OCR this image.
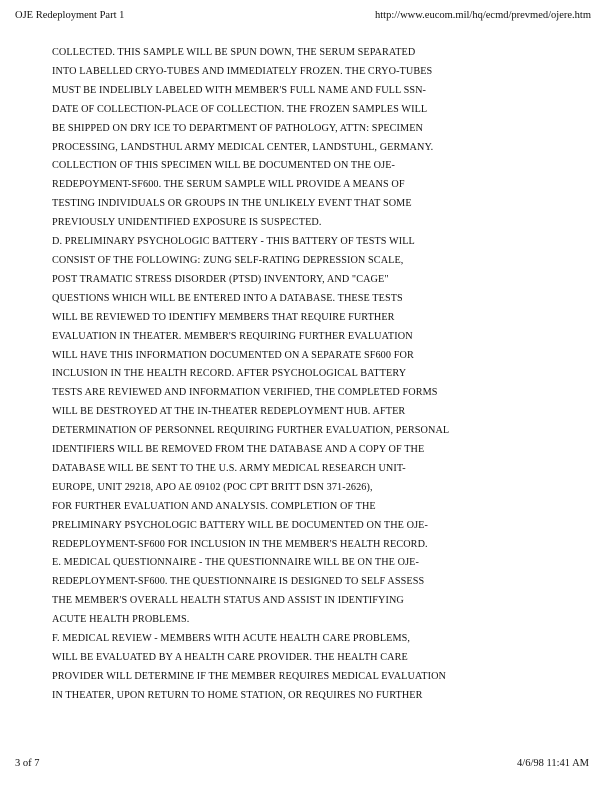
OJE Redeployment Part 1	http://www.eucom.mil/hq/ecmd/prevmed/ojere.htm
COLLECTED. THIS SAMPLE WILL BE SPUN DOWN, THE SERUM SEPARATED
INTO LABELLED CRYO-TUBES AND IMMEDIATELY FROZEN. THE CRYO-TUBES
MUST BE INDELIBLY LABELED WITH MEMBER'S FULL NAME AND FULL SSN-
DATE OF COLLECTION-PLACE OF COLLECTION. THE FROZEN SAMPLES WILL
BE SHIPPED ON DRY ICE TO DEPARTMENT OF PATHOLOGY, ATTN: SPECIMEN
PROCESSING, LANDSTHUL ARMY MEDICAL CENTER, LANDSTUHL, GERMANY.
COLLECTION OF THIS SPECIMEN WILL BE DOCUMENTED ON THE OJE-
REDEPOYMENT-SF600. THE SERUM SAMPLE WILL PROVIDE A MEANS OF
TESTING INDIVIDUALS OR GROUPS IN THE UNLIKELY EVENT THAT SOME
PREVIOUSLY UNIDENTIFIED EXPOSURE IS SUSPECTED.
D. PRELIMINARY PSYCHOLOGIC BATTERY - THIS BATTERY OF TESTS WILL
CONSIST OF THE FOLLOWING: ZUNG SELF-RATING DEPRESSION SCALE,
POST TRAMATIC STRESS DISORDER (PTSD) INVENTORY, AND "CAGE"
QUESTIONS WHICH WILL BE ENTERED INTO A DATABASE. THESE TESTS
WILL BE REVIEWED TO IDENTIFY MEMBERS THAT REQUIRE FURTHER
EVALUATION IN THEATER. MEMBER'S REQUIRING FURTHER EVALUATION
WILL HAVE THIS INFORMATION DOCUMENTED ON A SEPARATE SF600 FOR
INCLUSION IN THE HEALTH RECORD. AFTER PSYCHOLOGICAL BATTERY
TESTS ARE REVIEWED AND INFORMATION VERIFIED, THE COMPLETED FORMS
WILL BE DESTROYED AT THE IN-THEATER REDEPLOYMENT HUB. AFTER
DETERMINATION OF PERSONNEL REQUIRING FURTHER EVALUATION, PERSONAL
IDENTIFIERS WILL BE REMOVED FROM THE DATABASE AND A COPY OF THE
DATABASE WILL BE SENT TO THE U.S. ARMY MEDICAL RESEARCH UNIT-
EUROPE, UNIT 29218, APO AE 09102 (POC CPT BRITT DSN 371-2626),
FOR FURTHER EVALUATION AND ANALYSIS. COMPLETION OF THE
PRELIMINARY PSYCHOLOGIC BATTERY WILL BE DOCUMENTED ON THE OJE-
REDEPLOYMENT-SF600 FOR INCLUSION IN THE MEMBER'S HEALTH RECORD.
E. MEDICAL QUESTIONNAIRE - THE QUESTIONNAIRE WILL BE ON THE OJE-
REDEPLOYMENT-SF600. THE QUESTIONNAIRE IS DESIGNED TO SELF ASSESS
THE MEMBER'S OVERALL HEALTH STATUS AND ASSIST IN IDENTIFYING
ACUTE HEALTH PROBLEMS.
F. MEDICAL REVIEW - MEMBERS WITH ACUTE HEALTH CARE PROBLEMS,
WILL BE EVALUATED BY A HEALTH CARE PROVIDER. THE HEALTH CARE
PROVIDER WILL DETERMINE IF THE MEMBER REQUIRES MEDICAL EVALUATION
IN THEATER, UPON RETURN TO HOME STATION, OR REQUIRES NO FURTHER
3 of 7	4/6/98 11:41 AM
